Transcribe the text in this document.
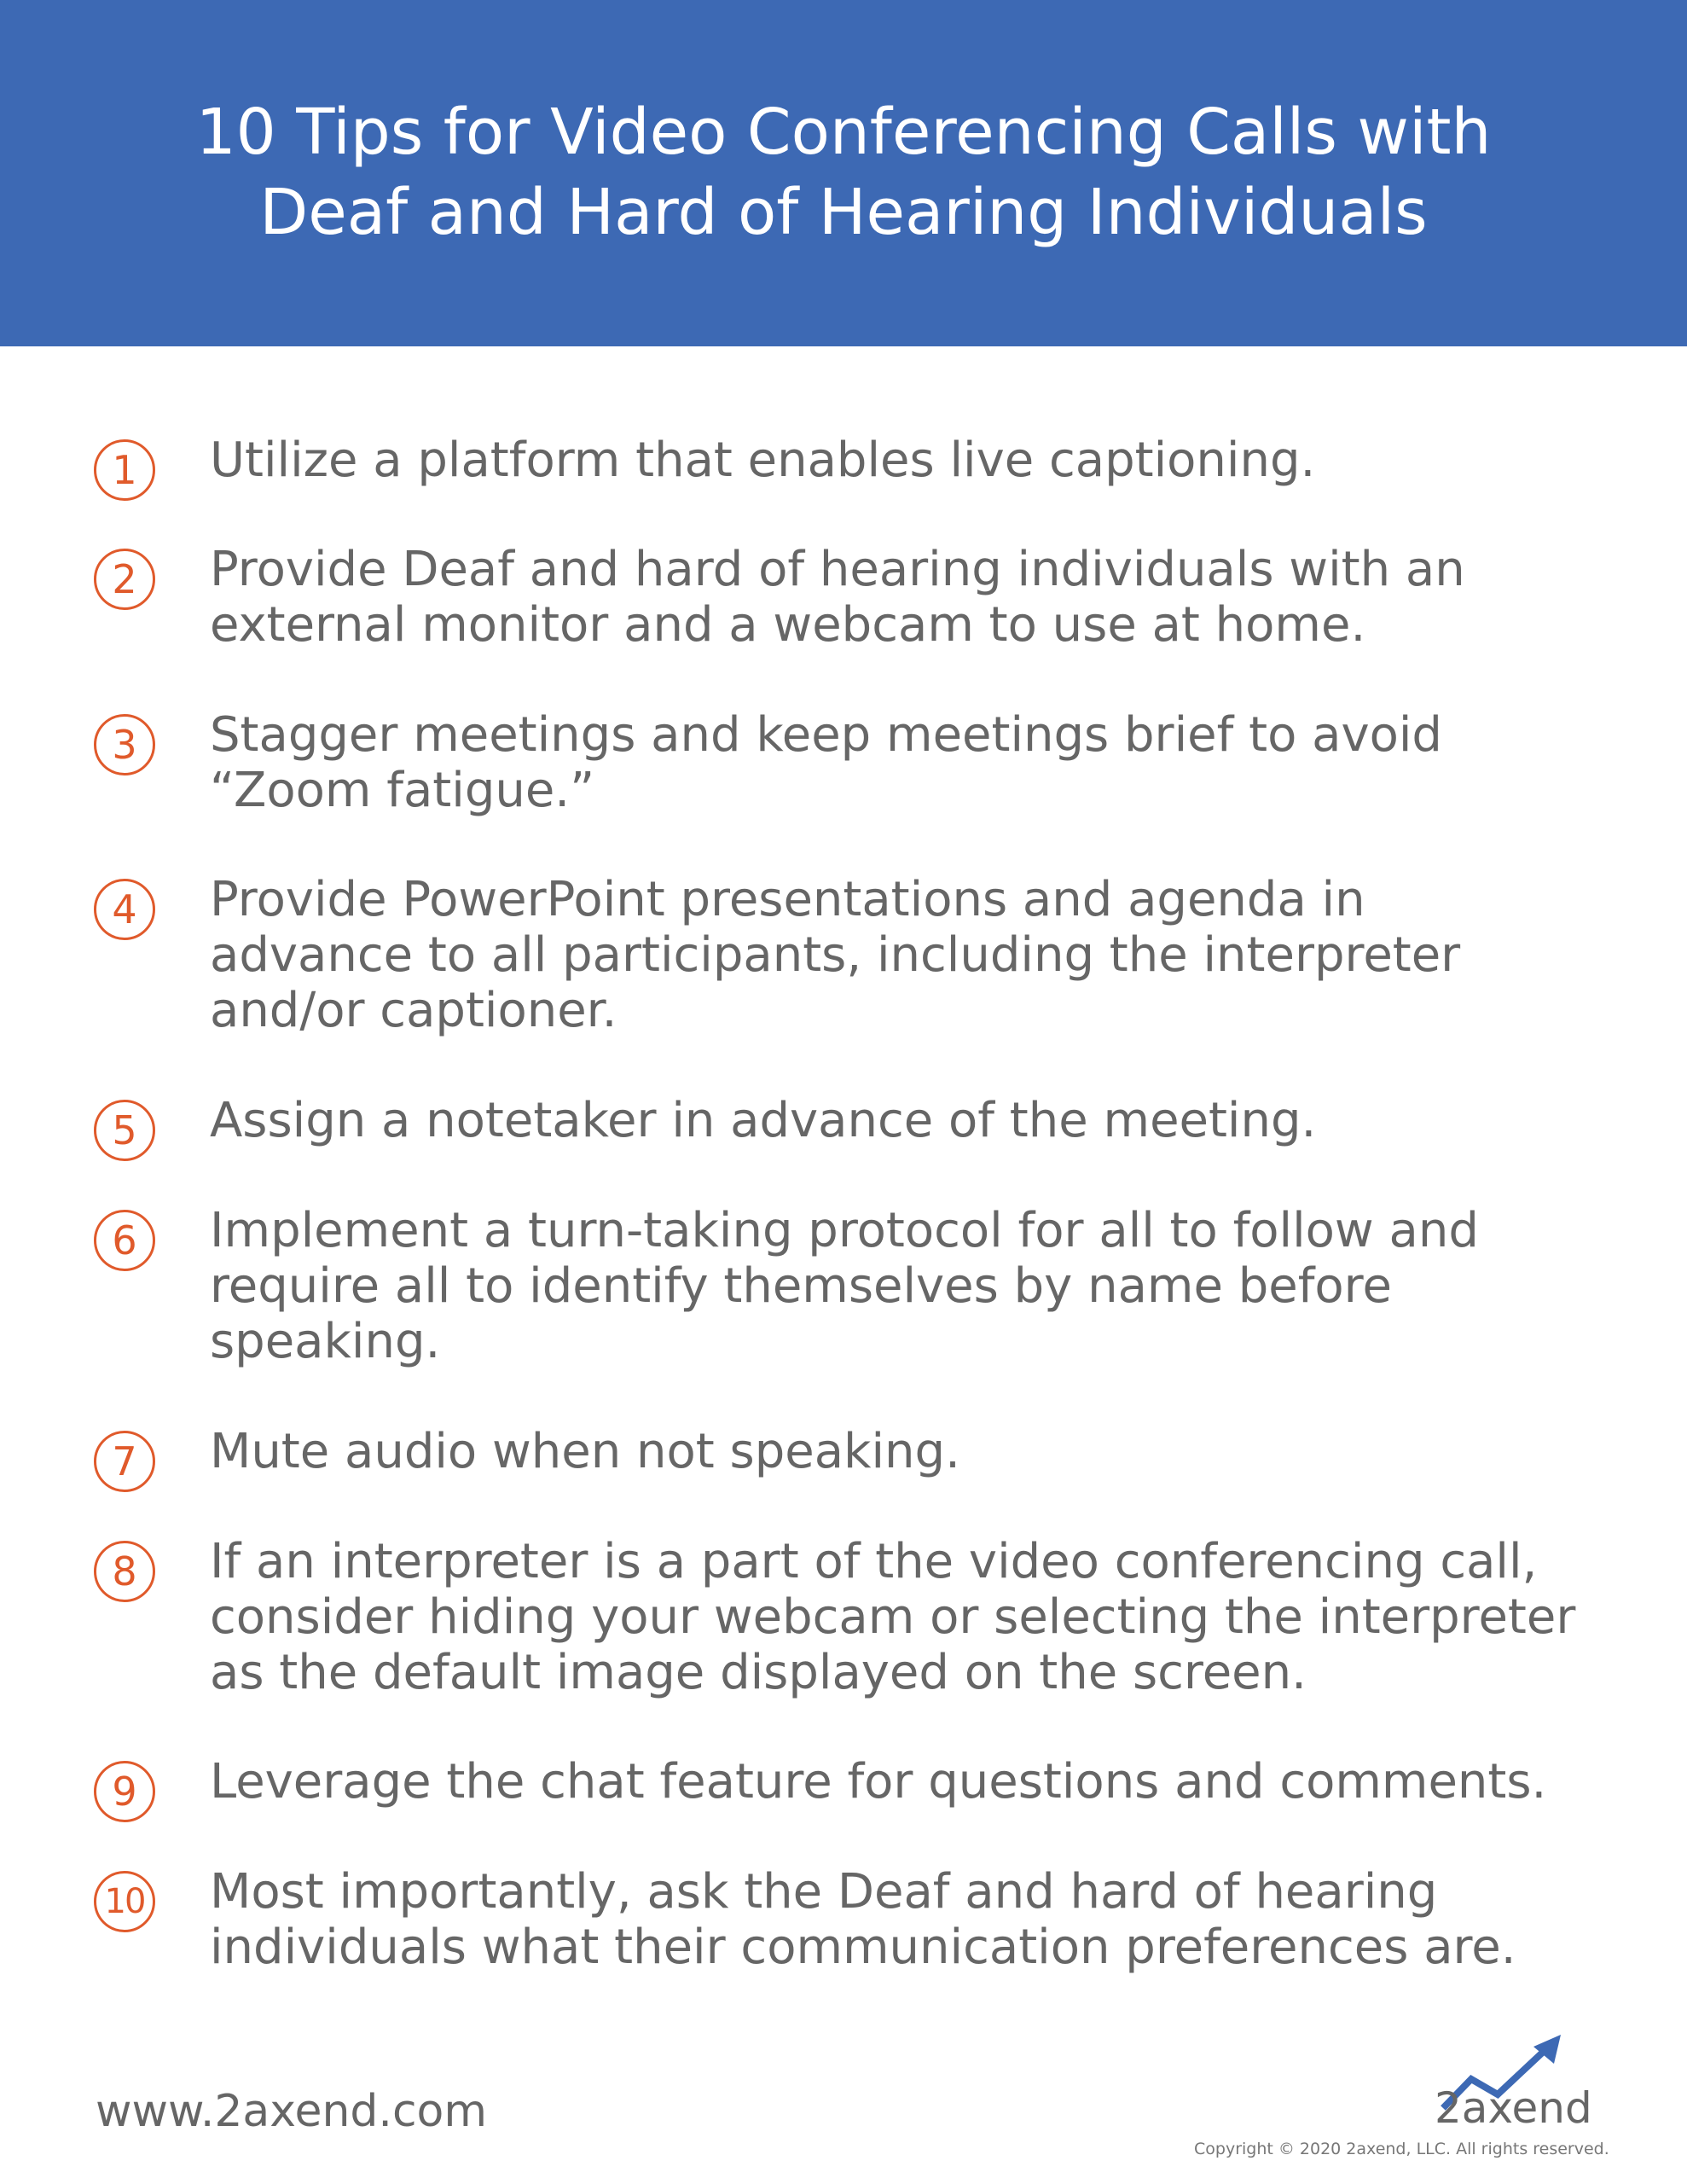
10 Tips for Video Conferencing Calls with
Deaf and Hard of Hearing Individuals
1	Utilize a platform that enables live captioning.
2	Provide Deaf and hard of hearing individuals with an
external monitor and a webcam to use at home.
3	Stagger meetings and keep meetings brief to avoid
“Zoom fatigue.”
4	Provide PowerPoint presentations and agenda in
advance to all participants, including the interpreter
and/or captioner.
5	Assign a notetaker in advance of the meeting.
6	Implement a turn-taking protocol for all to follow and
require all to identify themselves by name before
speaking.
7	Mute audio when not speaking.
8	If an interpreter is a part of the video conferencing call,
consider hiding your webcam or selecting the interpreter
as the default image displayed on the screen.
9	Leverage the chat feature for questions and comments.
10 Most importantly, ask the Deaf and hard of hearing
individuals what their communication preferences are.
www.2axend.com	2axend
Copyright © 2020 2axend, LLC. All rights reserved.
